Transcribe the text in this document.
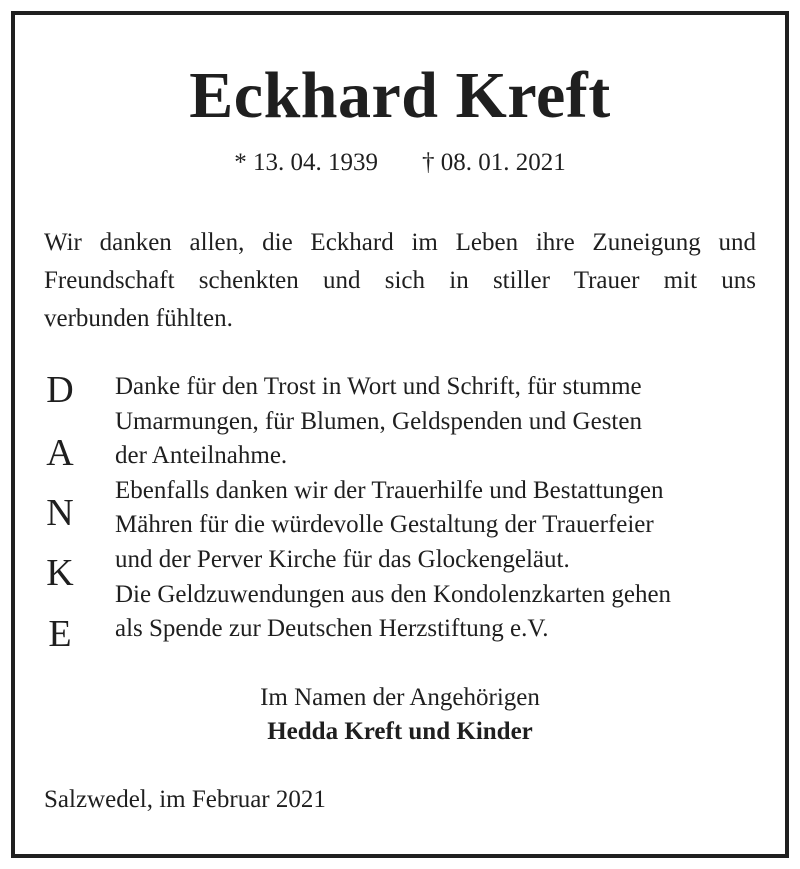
Eckhard Kreft
* 13. 04. 1939 † 08. 01. 2021
Wir danken allen, die Eckhard im Leben ihre Zuneigung und
Freundschaft schenkten und sich in stiller Trauer mit uns
verbunden fühlten.
D
A
N
K
E
Danke für den Trost in Wort und Schrift, für stumme
Umarmungen, für Blumen, Geldspenden und Gesten
der Anteilnahme.
Ebenfalls danken wir der Trauerhilfe und Bestattungen
Mähren für die würdevolle Gestaltung der Trauerfeier
und der Perver Kirche für das Glockengeläut.
Die Geldzuwendungen aus den Kondolenzkarten gehen
als Spende zur Deutschen Herzstiftung e.V.
Im Namen der Angehörigen
Hedda Kreft und Kinder
Salzwedel, im Februar 2021
